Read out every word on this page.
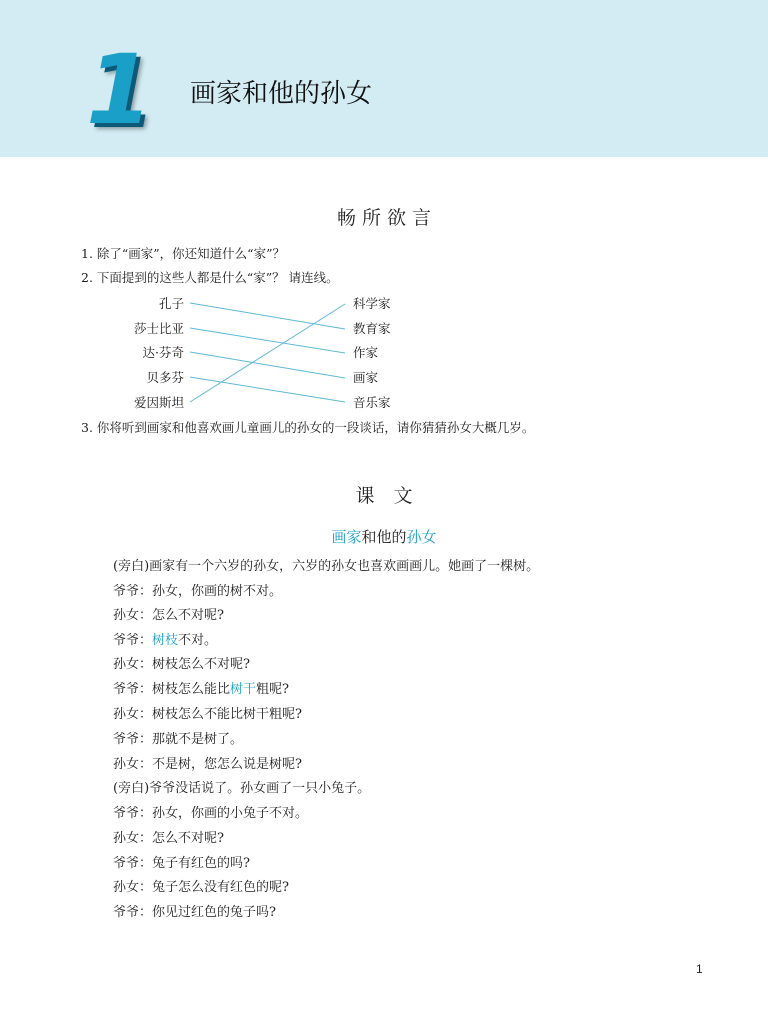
1 画家和他的孙女
畅 所 欲 言
1. 除了“画家”，你还知道什么“家”？
2. 下面提到的这些人都是什么“家”？ 请连线。
孔子
莎士比亚
达·芬奇
贝多芬
爱因斯坦
科学家
教育家
作家
画家
音乐家
3. 你将听到画家和他喜欢画儿童画儿的孙女的一段谈话，请你猜猜孙女大概几岁。
课　文
画家和他的孙女
(旁白)画家有一个六岁的孙女，六岁的孙女也喜欢画画儿。她画了一棵树。
爷爷：孙女，你画的树不对。
孙女：怎么不对呢?
爷爷：树枝不对。
孙女：树枝怎么不对呢?
爷爷：树枝怎么能比树干粗呢?
孙女：树枝怎么不能比树干粗呢?
爷爷：那就不是树了。
孙女：不是树，您怎么说是树呢?
(旁白)爷爷没话说了。孙女画了一只小兔子。
爷爷：孙女，你画的小兔子不对。
孙女：怎么不对呢?
爷爷：兔子有红色的吗?
孙女：兔子怎么没有红色的呢?
爷爷：你见过红色的兔子吗?
1
